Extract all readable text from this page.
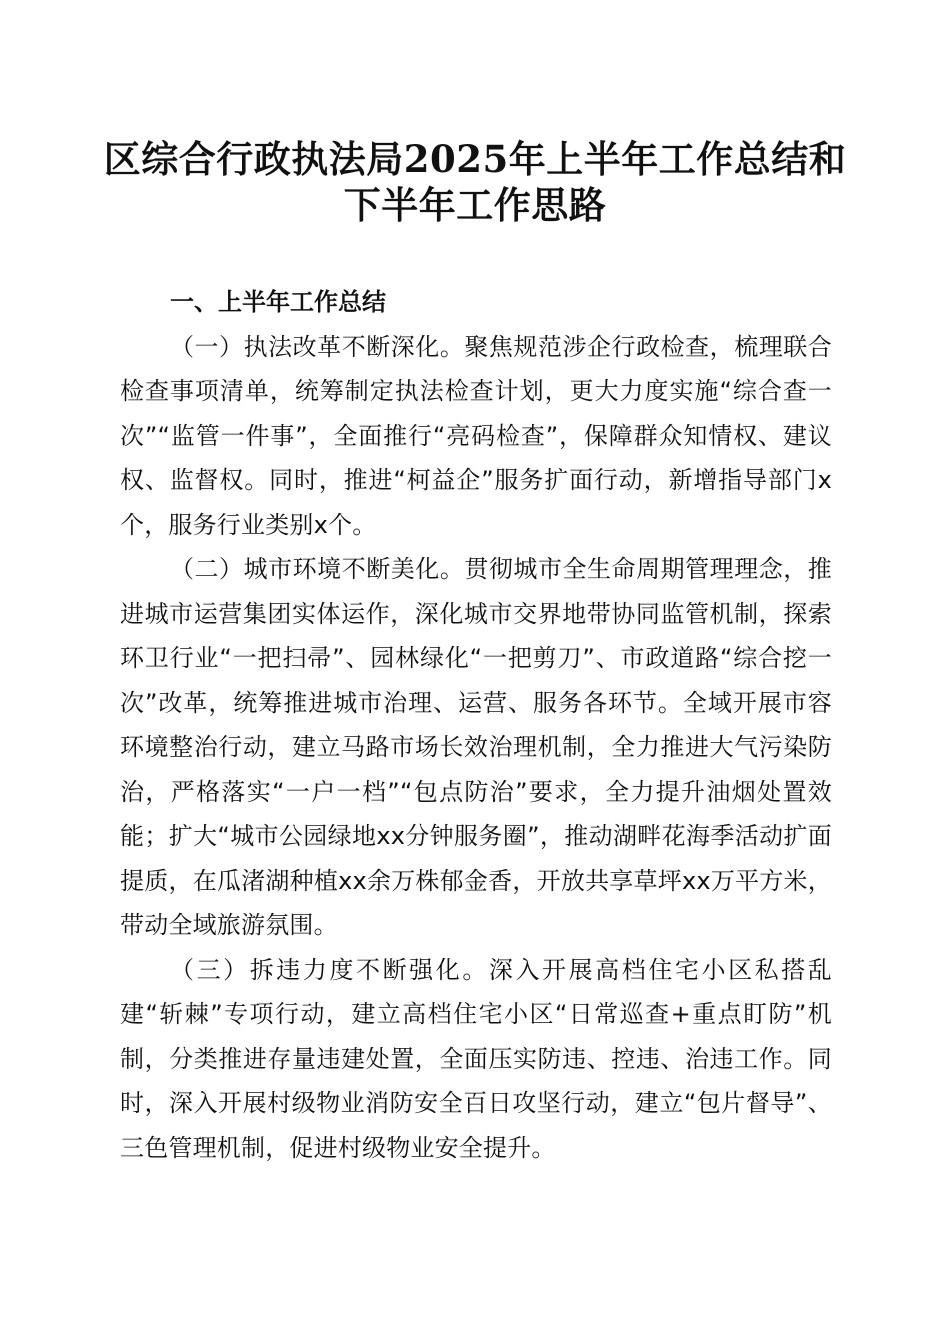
区综合行政执法局2025年上半年工作总结和
下半年工作思路

一、上半年工作总结

（一）执法改革不断深化。聚焦规范涉企行政检查，梳理联合检查事项清单，统筹制定执法检查计划，更大力度实施“综合查一次”“监管一件事”，全面推行“亮码检查”，保障群众知情权、建议权、监督权。同时，推进“柯益企”服务扩面行动，新增指导部门x个，服务行业类别x个。

（二）城市环境不断美化。贯彻城市全生命周期管理理念，推进城市运营集团实体运作，深化城市交界地带协同监管机制，探索环卫行业“一把扫帚”、园林绿化“一把剪刀”、市政道路“综合挖一次”改革，统筹推进城市治理、运营、服务各环节。全域开展市容环境整治行动，建立马路市场长效治理机制，全力推进大气污染防治，严格落实“一户一档”“包点防治”要求，全力提升油烟处置效能；扩大“城市公园绿地xx分钟服务圈”，推动湖畔花海季活动扩面提质，在瓜渚湖种植xx余万株郁金香，开放共享草坪xx万平方米，带动全域旅游氛围。

（三）拆违力度不断强化。深入开展高档住宅小区私搭乱建“斩棘”专项行动，建立高档住宅小区“日常巡查+重点盯防”机制，分类推进存量违建处置，全面压实防违、控违、治违工作。同时，深入开展村级物业消防安全百日攻坚行动，建立“包片督导”、三色管理机制，促进村级物业安全提升。
